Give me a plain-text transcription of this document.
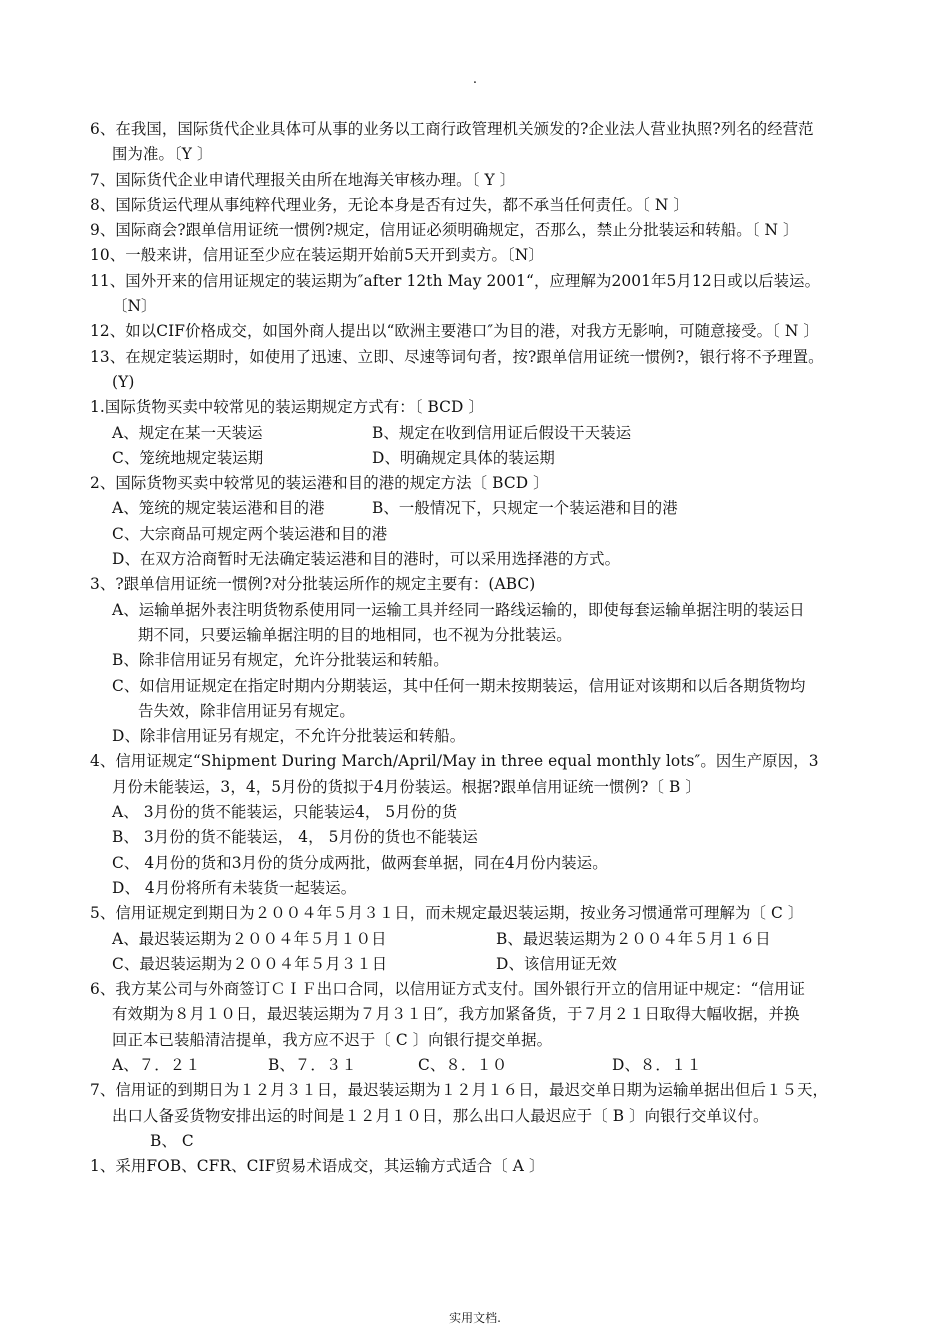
.
6、在我国，国际货代企业具体可从事的业务以工商行政管理机关颁发的?企业法人营业执照?列名的经营范
围为准。〔Y 〕
7、国际货代企业申请代理报关由所在地海关审核办理。〔 Y 〕
8、国际货运代理从事纯粹代理业务，无论本身是否有过失，都不承当任何责任。〔 N 〕
9、国际商会?跟单信用证统一惯例?规定，信用证必须明确规定，否那么，禁止分批装运和转船。〔 N 〕
10、一般来讲，信用证至少应在装运期开始前5天开到卖方。〔N〕
11、国外开来的信用证规定的装运期为″after 12th May 2001“，应理解为2001年5月12日或以后装运。
〔N〕
12、如以CIF价格成交，如国外商人提出以“欧洲主要港口″为目的港，对我方无影响，可随意接受。〔 N 〕
13、在规定装运期时，如使用了迅速、立即、尽速等词句者，按?跟单信用证统一惯例?，银行将不予理置。
(Y)
1.国际货物买卖中较常见的装运期规定方式有：〔 BCD 〕
A、规定在某一天装运	B、规定在收到信用证后假设干天装运
C、笼统地规定装运期	D、明确规定具体的装运期
2、国际货物买卖中较常见的装运港和目的港的规定方法〔 BCD 〕
A、笼统的规定装运港和目的港	B、一般情况下，只规定一个装运港和目的港
C、大宗商品可规定两个装运港和目的港
D、在双方洽商暂时无法确定装运港和目的港时，可以采用选择港的方式。
3、?跟单信用证统一惯例?对分批装运所作的规定主要有：(ABC)
A、运输单据外表注明货物系使用同一运输工具并经同一路线运输的，即使每套运输单据注明的装运日
期不同，只要运输单据注明的目的地相同，也不视为分批装运。
B、除非信用证另有规定，允许分批装运和转船。
C、如信用证规定在指定时期内分期装运，其中任何一期未按期装运，信用证对该期和以后各期货物均
告失效，除非信用证另有规定。
D、除非信用证另有规定，不允许分批装运和转船。
4、信用证规定“Shipment During March/April/May in three equal monthly lots″。因生产原因，3
月份未能装运，3，4，5月份的货拟于4月份装运。根据?跟单信用证统一惯例?〔 B 〕
A、 3月份的货不能装运，只能装运4， 5月份的货
B、 3月份的货不能装运， 4， 5月份的货也不能装运
C、 4月份的货和3月份的货分成两批，做两套单据，同在4月份内装运。
D、 4月份将所有未装货一起装运。
5、信用证规定到期日为２００４年５月３１日，而未规定最迟装运期，按业务习惯通常可理解为〔 C 〕
A、最迟装运期为２００４年５月１０日	B、最迟装运期为２００４年５月１６日
C、最迟装运期为２００４年５月３１日	D、该信用证无效
6、我方某公司与外商签订ＣＩＦ出口合同，以信用证方式支付。国外银行开立的信用证中规定：“信用证
有效期为８月１０日，最迟装运期为７月３１日″，我方加紧备货，于７月２１日取得大幅收据，并换
回正本已装船清洁提单，我方应不迟于〔 C 〕向银行提交单据。
A、７．２１	B、７．３１	C、８．１０	D、８．１１
7、信用证的到期日为１２月３１日，最迟装运期为１２月１６日，最迟交单日期为运输单据出但后１５天，
出口人备妥货物安排出运的时间是１２月１０日，那么出口人最迟应于〔 B 〕向银行交单议付。
B、 C
1、采用FOB、CFR、CIF贸易术语成交，其运输方式适合〔 A 〕
实用文档.
